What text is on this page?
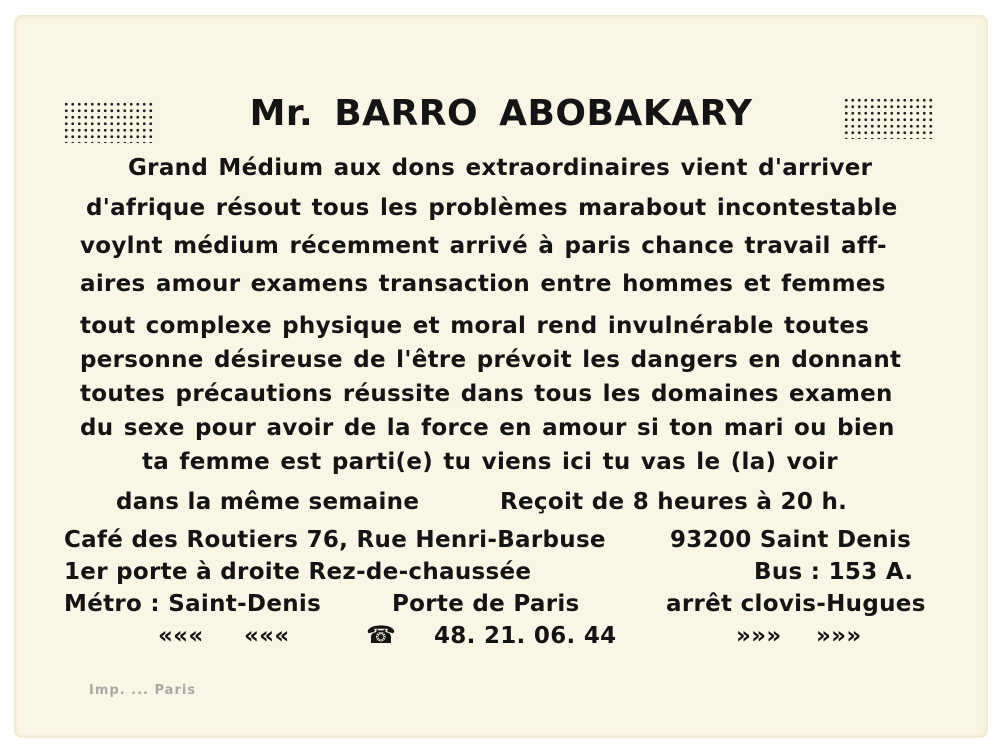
Mr. BARRO ABOBAKARY
Grand Médium aux dons extraordinaires vient d'arriver
d'afrique résout tous les problèmes marabout incontestable
voylnt médium récemment arrivé à paris chance travail aff-
aires amour examens transaction entre hommes et femmes
tout complexe physique et moral rend invulnérable toutes
personne désireuse de l'être prévoit les dangers en donnant
toutes précautions réussite dans tous les domaines examen
du sexe pour avoir de la force en amour si ton mari ou bien
ta femme est parti(e) tu viens ici tu vas le (la) voir
dans la même semaine	Reçoit de 8 heures à 20 h.
Café des Routiers 76, Rue Henri-Barbuse	93200 Saint Denis
1er porte à droite Rez-de-chaussée	Bus : 153 A.
Métro : Saint-Denis	Porte de Paris	arrêt clovis-Hugues
««« «««	☎ 48. 21. 06. 44	»»» »»»
Imp. ... Paris
